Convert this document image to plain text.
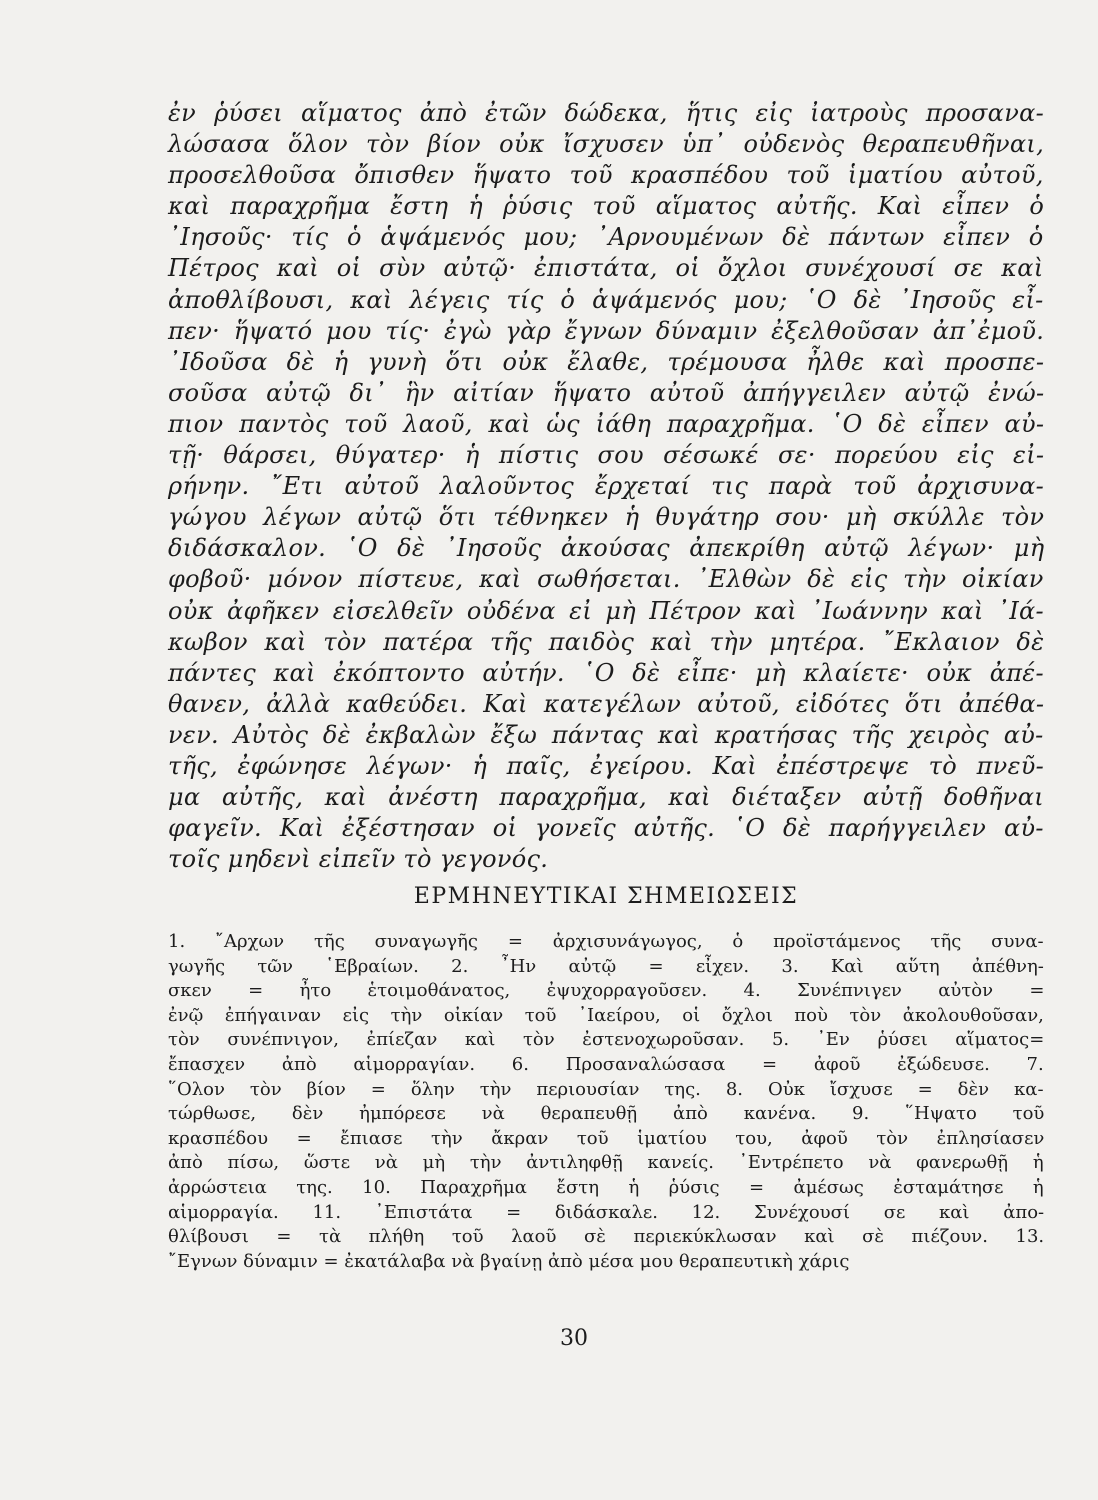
ἐν ῥύσει αἵματος ἀπὸ ἐτῶν δώδεκα, ἥτις εἰς ἰατροὺς προσανα-
λώσασα ὅλον τὸν βίον οὐκ ἴσχυσεν ὑπ᾿ οὐδενὸς θεραπευθῆναι,
προσελθοῦσα ὄπισθεν ἥψατο τοῦ κρασπέδου τοῦ ἱματίου αὐτοῦ,
καὶ παραχρῆμα ἔστη ἡ ῥύσις τοῦ αἵματος αὐτῆς. Καὶ εἶπεν ὁ
᾿Ιησοῦς· τίς ὁ ἁψάμενός μου; ᾿Αρνουμένων δὲ πάντων εἶπεν ὁ
Πέτρος καὶ οἱ σὺν αὐτῷ· ἐπιστάτα, οἱ ὄχλοι συνέχουσί σε καὶ
ἀποθλίβουσι, καὶ λέγεις τίς ὁ ἁψάμενός μου; ῾Ο δὲ ᾿Ιησοῦς εἶ-
πεν· ἥψατό μου τίς· ἐγὼ γὰρ ἔγνων δύναμιν ἐξελθοῦσαν ἀπ᾿ἐμοῦ.
᾿Ιδοῦσα δὲ ἡ γυνὴ ὅτι οὐκ ἔλαθε, τρέμουσα ἦλθε καὶ προσπε-
σοῦσα αὐτῷ δι᾿ ἣν αἰτίαν ἥψατο αὐτοῦ ἀπήγγειλεν αὐτῷ ἐνώ-
πιον παντὸς τοῦ λαοῦ, καὶ ὡς ἰάθη παραχρῆμα. ῾Ο δὲ εἶπεν αὐ-
τῇ· θάρσει, θύγατερ· ἡ πίστις σου σέσωκέ σε· πορεύου εἰς εἰ-
ρήνην. ῎Ετι αὐτοῦ λαλοῦντος ἔρχεταί τις παρὰ τοῦ ἀρχισυνα-
γώγου λέγων αὐτῷ ὅτι τέθνηκεν ἡ θυγάτηρ σου· μὴ σκύλλε τὸν
διδάσκαλον. ῾Ο δὲ ᾿Ιησοῦς ἀκούσας ἀπεκρίθη αὐτῷ λέγων· μὴ
φοβοῦ· μόνον πίστευε, καὶ σωθήσεται. ᾿Ελθὼν δὲ εἰς τὴν οἰκίαν
οὐκ ἀφῆκεν εἰσελθεῖν οὐδένα εἰ μὴ Πέτρον καὶ ᾿Ιωάννην καὶ ᾿Ιά-
κωβον καὶ τὸν πατέρα τῆς παιδὸς καὶ τὴν μητέρα. ῎Εκλαιον δὲ
πάντες καὶ ἐκόπτοντο αὐτήν. ῾Ο δὲ εἶπε· μὴ κλαίετε· οὐκ ἀπέ-
θανεν, ἀλλὰ καθεύδει. Καὶ κατεγέλων αὐτοῦ, εἰδότες ὅτι ἀπέθα-
νεν. Αὐτὸς δὲ ἐκβαλὼν ἔξω πάντας καὶ κρατήσας τῆς χειρὸς αὐ-
τῆς, ἐφώνησε λέγων· ἡ παῖς, ἐγείρου. Καὶ ἐπέστρεψε τὸ πνεῦ-
μα αὐτῆς, καὶ ἀνέστη παραχρῆμα, καὶ διέταξεν αὐτῇ δοθῆναι
φαγεῖν. Καὶ ἐξέστησαν οἱ γονεῖς αὐτῆς. ῾Ο δὲ παρήγγειλεν αὐ-
τοῖς μηδενὶ εἰπεῖν τὸ γεγονός.
ΕΡΜΗΝΕΥΤΙΚΑΙ ΣΗΜΕΙΩΣΕΙΣ
1. ῎Αρχων τῆς συναγωγῆς = ἀρχισυνάγωγος, ὁ προϊστάμενος τῆς συνα-
γωγῆς τῶν ῾Εβραίων. 2. ῏Ην αὐτῷ = εἶχεν. 3. Καὶ αὕτη ἀπέθνη-
σκεν = ἦτο ἑτοιμοθάνατος, ἐψυχορραγοῦσεν. 4. Συνέπνιγεν αὐτὸν =
ἐνῷ ἐπήγαιναν εἰς τὴν οἰκίαν τοῦ ᾿Ιαείρου, οἱ ὄχλοι ποὺ τὸν ἀκολουθοῦσαν,
τὸν συνέπνιγον, ἐπίεζαν καὶ τὸν ἐστενοχωροῦσαν. 5. ᾿Εν ῥύσει αἵματος=
ἔπασχεν ἀπὸ αἱμορραγίαν. 6. Προσαναλώσασα = ἀφοῦ ἐξώδευσε. 7.
῞Ολον τὸν βίον = ὅλην τὴν περιουσίαν της. 8. Οὐκ ἴσχυσε = δὲν κα-
τώρθωσε, δὲν ἠμπόρεσε νὰ θεραπευθῇ ἀπὸ κανένα. 9. ῞Ηψατο τοῦ
κρασπέδου = ἔπιασε τὴν ἄκραν τοῦ ἱματίου του, ἀφοῦ τὸν ἐπλησίασεν
ἀπὸ πίσω, ὥστε νὰ μὴ τὴν ἀντιληφθῇ κανείς. ᾿Εντρέπετο νὰ φανερωθῇ ἡ
ἀρρώστεια της. 10. Παραχρῆμα ἔστη ἡ ῥύσις = ἀμέσως ἐσταμάτησε ἡ
αἱμορραγία. 11. ᾿Επιστάτα = διδάσκαλε. 12. Συνέχουσί σε καὶ ἀπο-
θλίβουσι = τὰ πλήθη τοῦ λαοῦ σὲ περιεκύκλωσαν καὶ σὲ πιέζουν. 13.
῎Εγνων δύναμιν = ἐκατάλαβα νὰ βγαίνῃ ἀπὸ μέσα μου θεραπευτικὴ χάρις
30
